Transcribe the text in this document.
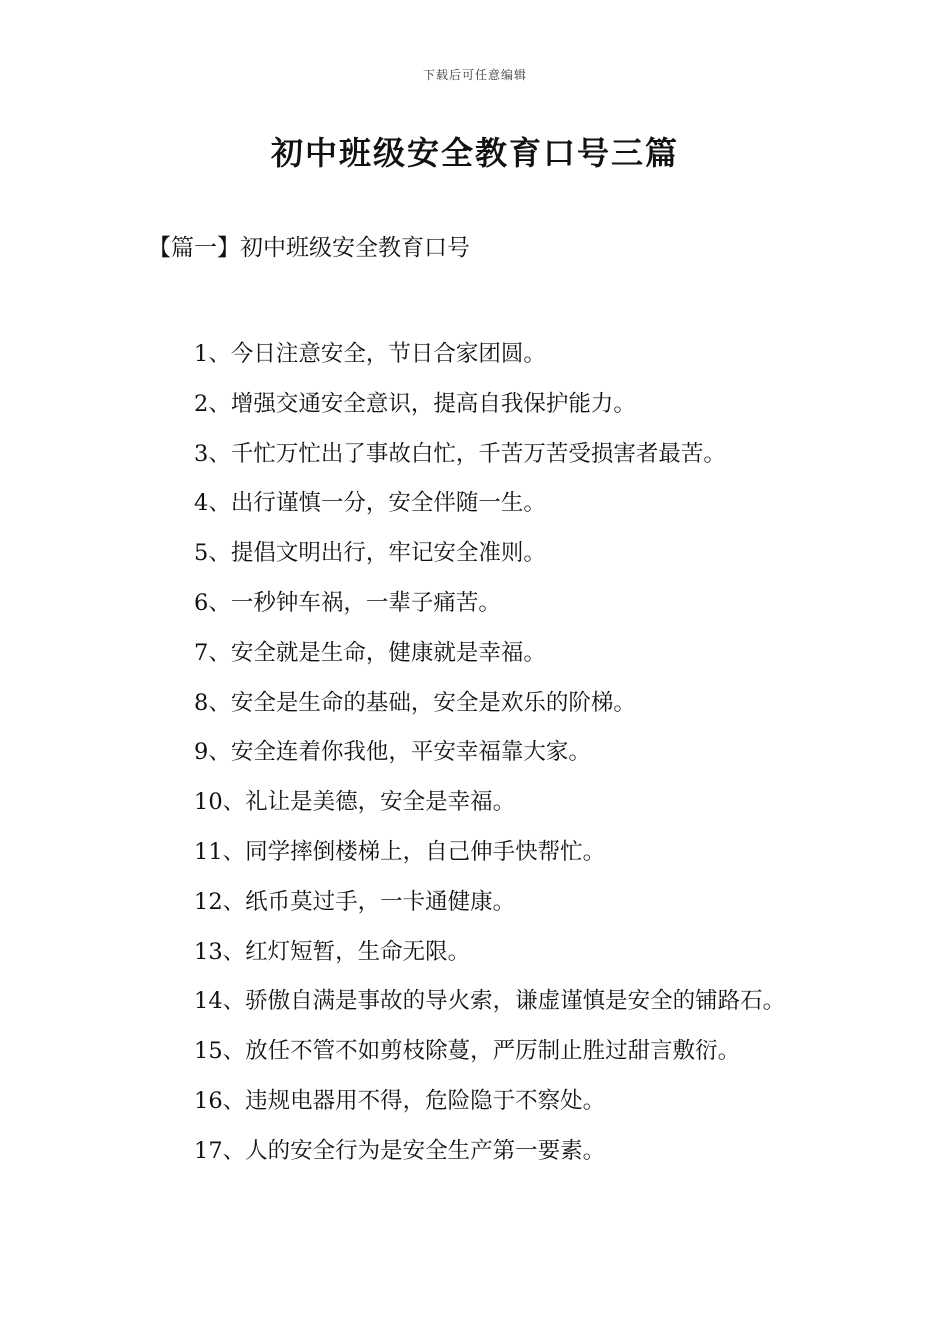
下载后可任意编辑
初中班级安全教育口号三篇
【篇一】初中班级安全教育口号
1、今日注意安全，节日合家团圆。
2、增强交通安全意识，提高自我保护能力。
3、千忙万忙出了事故白忙，千苦万苦受损害者最苦。
4、出行谨慎一分，安全伴随一生。
5、提倡文明出行，牢记安全准则。
6、一秒钟车祸，一辈子痛苦。
7、安全就是生命，健康就是幸福。
8、安全是生命的基础，安全是欢乐的阶梯。
9、安全连着你我他，平安幸福靠大家。
10、礼让是美德，安全是幸福。
11、同学摔倒楼梯上，自己伸手快帮忙。
12、纸币莫过手，一卡通健康。
13、红灯短暂，生命无限。
14、骄傲自满是事故的导火索，谦虚谨慎是安全的铺路石。
15、放任不管不如剪枝除蔓，严厉制止胜过甜言敷衍。
16、违规电器用不得，危险隐于不察处。
17、人的安全行为是安全生产第一要素。
